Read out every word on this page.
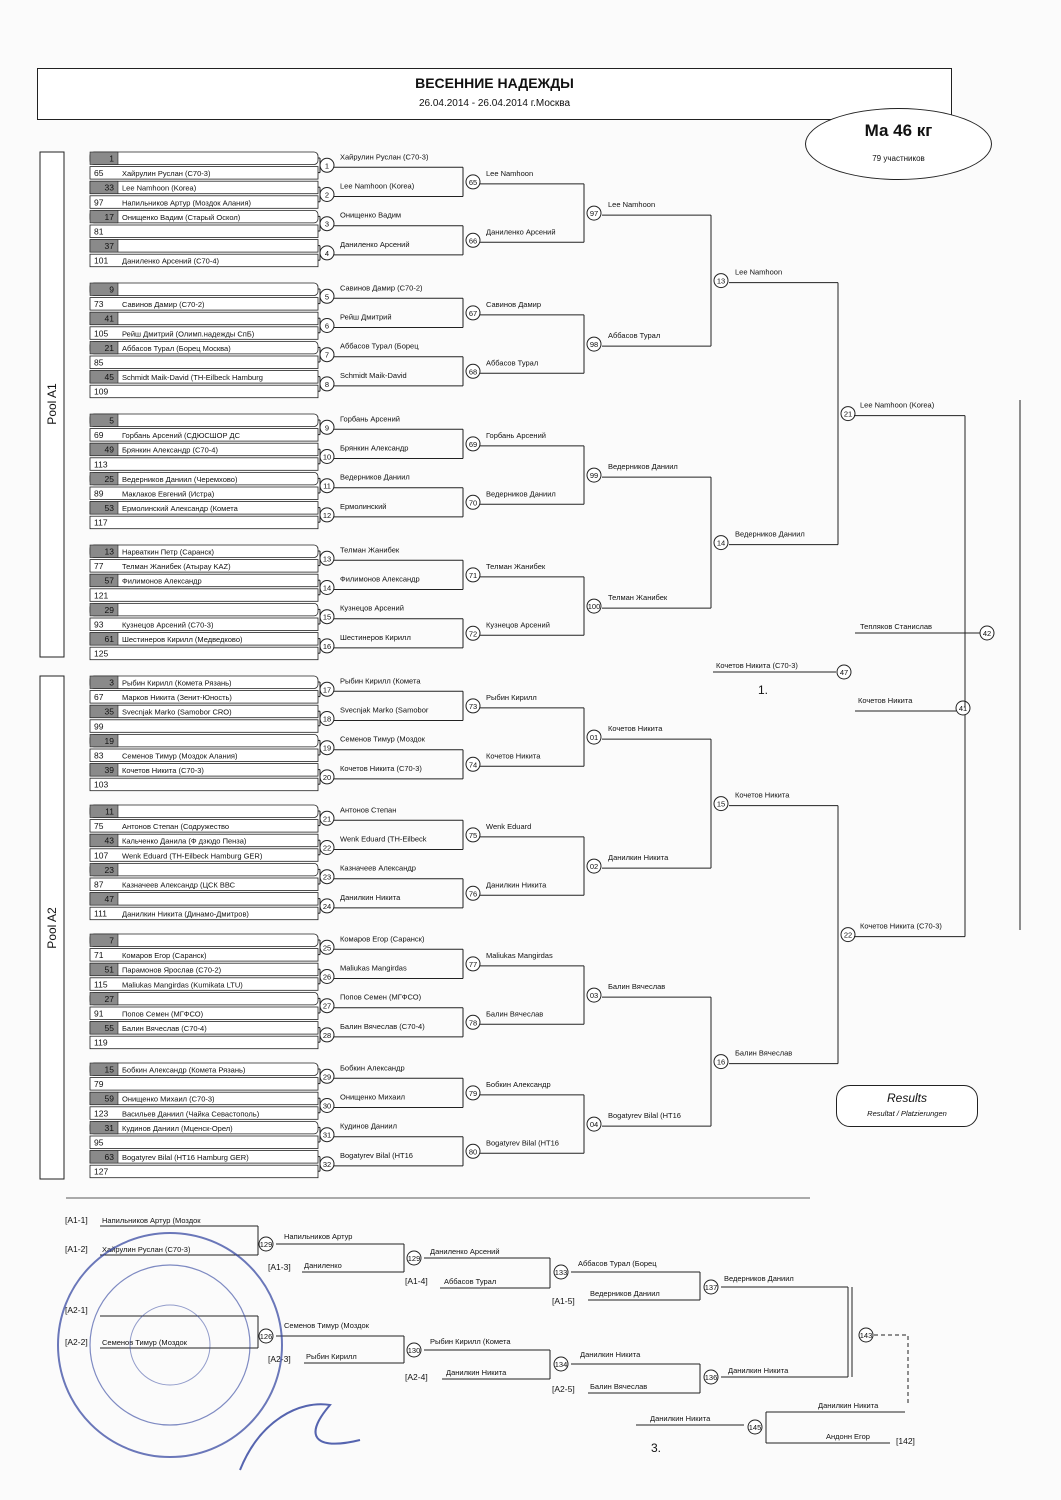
ВЕСЕННИЕ НАДЕЖДЫ
26.04.2014 - 26.04.2014 г.Москва
Ма 46 кг
79 участников
Results
Resultat / Platzierungen
Pool A1
Pool A2
1
65 Хайрулин Руслан (С70-3)
33 Lee Namhoon (Korea)
97 Напильников Артур (Моздок Алания)
17 Онищенко Вадим (Старый Оскол)
81
37
101 Даниленко Арсений (С70-4)
9
73 Савинов Дамир (С70-2)
41
105 Рейш Дмитрий (Олимп.надежды СпБ)
21 Аббасов Турал (Борец Москва)
85
45 Schmidt Maik-David (TH-Eilbeck Hamburg
109
5
69 Горбань Арсений (СДЮСШОР ДС
49 Брянкин Александр (С70-4)
113
25 Ведерников Даниил (Черемхово)
89 Маклаков Евгений (Истра)
53 Ермолинский Александр (Комета
117
13 Нарваткин Петр (Саранск)
77 Телман Жанибек (Атырау KAZ)
57 Филимонов Александр
121
29
93 Кузнецов Арсений (С70-3)
61 Шестинеров Кирилл (Медведково)
125
3 Рыбин Кирилл (Комета Рязань)
67 Марков Никита (Зенит-Юность)
35 Svecnjak Marko (Samobor CRO)
99
19
83 Семенов Тимур (Моздок Алания)
39 Кочетов Никита (С70-3)
103
11
75 Антонов Степан (Содружество
43 Кальченко Данила (Ф дзюдо Пенза)
107 Wenk Eduard (TH-Eilbeck Hamburg GER)
23
87 Казначеев Александр (ЦСК ВВС
47
111 Данилкин Никита (Динамо-Дмитров)
7
71 Комаров Егор (Саранск)
51 Парамонов Ярослав (С70-2)
115 Maliukas Mangirdas (Kumikata LTU)
27
91 Попов Семен (МГФСО)
55 Балин Вячеслав (С70-4)
119
15 Бобкин Александр (Комета Рязань)
79
59 Онищенко Михаил (С70-3)
123 Васильев Даниил (Чайка Севастополь)
31 Кудинов Даниил (Мценск-Орел)
95
63 Bogatyrev Bilal (HT16 Hamburg GER)
127
1
Хайрулин Руслан (С70-3)
2
Lee Namhoon (Korea)
3
Онищенко Вадим
4
Даниленко Арсений
5
Савинов Дамир (С70-2)
6
Рейш Дмитрий
7
Аббасов Турал (Борец
8
Schmidt Maik-David
9
Горбань Арсений
10
Брянкин Александр
11
Ведерников Даниил
12
Ермолинский
13
Телман Жанибек
14
Филимонов Александр
15
Кузнецов Арсений
16
Шестинеров Кирилл
17
Рыбин Кирилл (Комета
18
Svecnjak Marko (Samobor
19
Семенов Тимур (Моздок
20
Кочетов Никита (С70-3)
21
Антонов Степан
22
Wenk Eduard (TH-Eilbeck
23
Казначеев Александр
24
Данилкин Никита
25
Комаров Егор (Саранск)
26
Maliukas Mangirdas
27
Попов Семен (МГФСО)
28
Балин Вячеслав (С70-4)
29
Бобкин Александр
30
Онищенко Михаил
31
Кудинов Даниил
32
Bogatyrev Bilal (HT16
65
Lee Namhoon
66
Даниленко Арсений
67
Савинов Дамир
68
Аббасов Турал
69
Горбань Арсений
70
Ведерников Даниил
71
Телман Жанибек
72
Кузнецов Арсений
73
Рыбин Кирилл
74
Кочетов Никита
75
Wenk Eduard
76
Данилкин Никита
77
Maliukas Mangirdas
78
Балин Вячеслав
79
Бобкин Александр
80
Bogatyrev Bilal (HT16
97
Lee Namhoon
98
Аббасов Турал
99
Ведерников Даниил
100
Телман Жанибек
01
Кочетов Никита
02
Данилкин Никита
03
Балин Вячеслав
04
Bogatyrev Bilal (HT16
13
Lee Namhoon
14
Ведерников Даниил
15
Кочетов Никита
16
Балин Вячеслав
21
Lee Namhoon (Korea)
22
Кочетов Никита (С70-3)
41
Кочетов Никита
42
Тепляков Станислав
Кочетов Никита (С70-3)
47
1.
[A1-1] Напильников Артур (Моздок
[A1-2] Хайрулин Руслан (С70-3)
[A2-1]
[A2-2] Семенов Тимур (Моздок
129
126
Напильников Артур
Семенов Тимур (Моздок
[A1-3] Даниленко
[A2-3] Рыбин Кирилл
129
130
Даниленко Арсений
Рыбин Кирилл (Комета
[A1-4] Аббасов Турал
[A2-4] Данилкин Никита
133
134
Аббасов Турал (Борец
Данилкин Никита
[A1-5]
Ведерников Даниил
[A2-5] Балин Вячеслав
137
136
Ведерников Даниил
Данилкин Никита
143
Данилкин Никита
Данилкин Никита
Андонн Егор	[142]
145
3.
